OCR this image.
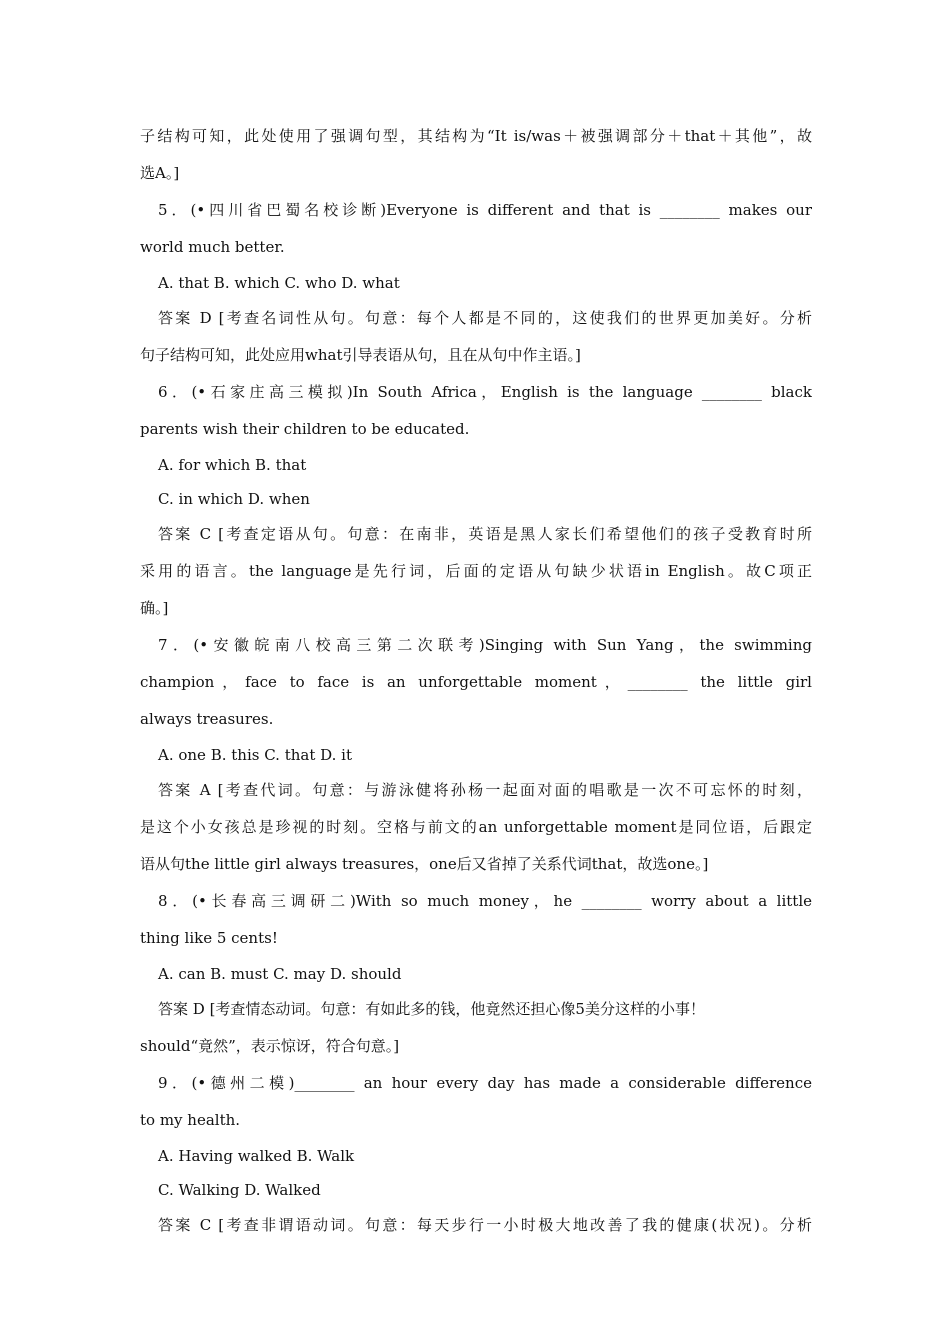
子结构可知，此处使用了强调句型，其结构为“It is/was＋被强调部分＋that＋其他”，故

选A。]

5．(•四川省巴蜀名校诊断)Everyone is different and that is ________ makes our

world much better.

A. that B. which C. who D. what

答案 D [考查名词性从句。句意：每个人都是不同的，这使我们的世界更加美好。分析

句子结构可知，此处应用what引导表语从句，且在从句中作主语。]

6．(•石家庄高三模拟)In South Africa，English is the language ________ black

parents wish their children to be educated.

A. for which B. that

C. in which D. when

答案 C [考查定语从句。句意：在南非，英语是黑人家长们希望他们的孩子受教育时所

采用的语言。the language是先行词，后面的定语从句缺少状语in English。故C项正

确。]

7．(•安徽皖南八校高三第二次联考)Singing with Sun Yang，the swimming

champion，face to face is an unforgettable moment，________ the little girl

always treasures.

A. one B. this C. that D. it

答案 A [考查代词。句意：与游泳健将孙杨一起面对面的唱歌是一次不可忘怀的时刻，

是这个小女孩总是珍视的时刻。空格与前文的an unforgettable moment是同位语，后跟定

语从句the little girl always treasures，one后又省掉了关系代词that，故选one。]

8．(•长春高三调研二)With so much money，he ________ worry about a little

thing like 5 cents!

A. can B. must C. may D. should

答案 D [考查情态动词。句意：有如此多的钱，他竟然还担心像5美分这样的小事！

should“竟然”，表示惊讶，符合句意。]

9．(•德州二模)________ an hour every day has made a considerable difference

to my health.

A. Having walked B. Walk

C. Walking D. Walked

答案 C [考查非谓语动词。句意：每天步行一小时极大地改善了我的健康(状况)。分析
